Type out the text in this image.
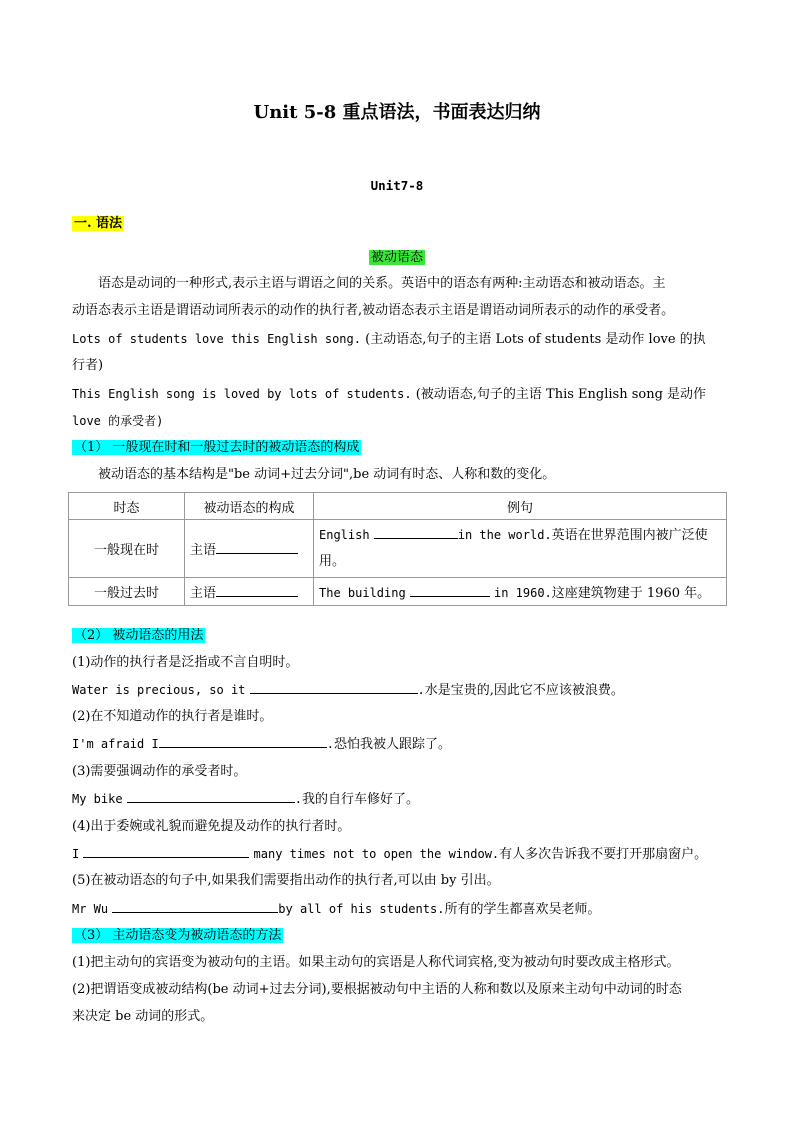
Unit 5-8 重点语法，书面表达归纳
Unit7-8
一. 语法
被动语态
语态是动词的一种形式,表示主语与谓语之间的关系。英语中的语态有两种:主动语态和被动语态。主
动语态表示主语是谓语动词所表示的动作的执行者,被动语态表示主语是谓语动词所表示的动作的承受者。
Lots of students love this English song. (主动语态,句子的主语 Lots of students 是动作 love 的执
行者)
This English song is loved by lots of students. (被动语态,句子的主语 This English song 是动作
love 的承受者)
（1） 一般现在时和一般过去时的被动语态的构成
被动语态的基本结构是"be 动词+过去分词",be 动词有时态、人称和数的变化。
时态	被动语态的构成	例句
一般现在时	主语	English in the world.英语在世界范围内被广泛使
用。
一般过去时	主语	The building in 1960.这座建筑物建于 1960 年。
（2） 被动语态的用法
(1)动作的执行者是泛指或不言自明时。
Water is precious, so it	.水是宝贵的,因此它不应该被浪费。
(2)在不知道动作的执行者是谁时。
I'm afraid I	.恐怕我被人跟踪了。
(3)需要强调动作的承受者时。
My bike	.我的自行车修好了。
(4)出于委婉或礼貌而避免提及动作的执行者时。
I	many times not to open the window.有人多次告诉我不要打开那扇窗户。
(5)在被动语态的句子中,如果我们需要指出动作的执行者,可以由 by 引出。
Mr Wu	by all of his students.所有的学生都喜欢吴老师。
（3） 主动语态变为被动语态的方法
(1)把主动句的宾语变为被动句的主语。如果主动句的宾语是人称代词宾格,变为被动句时要改成主格形式。
(2)把谓语变成被动结构(be 动词+过去分词),要根据被动句中主语的人称和数以及原来主动句中动词的时态
来决定 be 动词的形式。
